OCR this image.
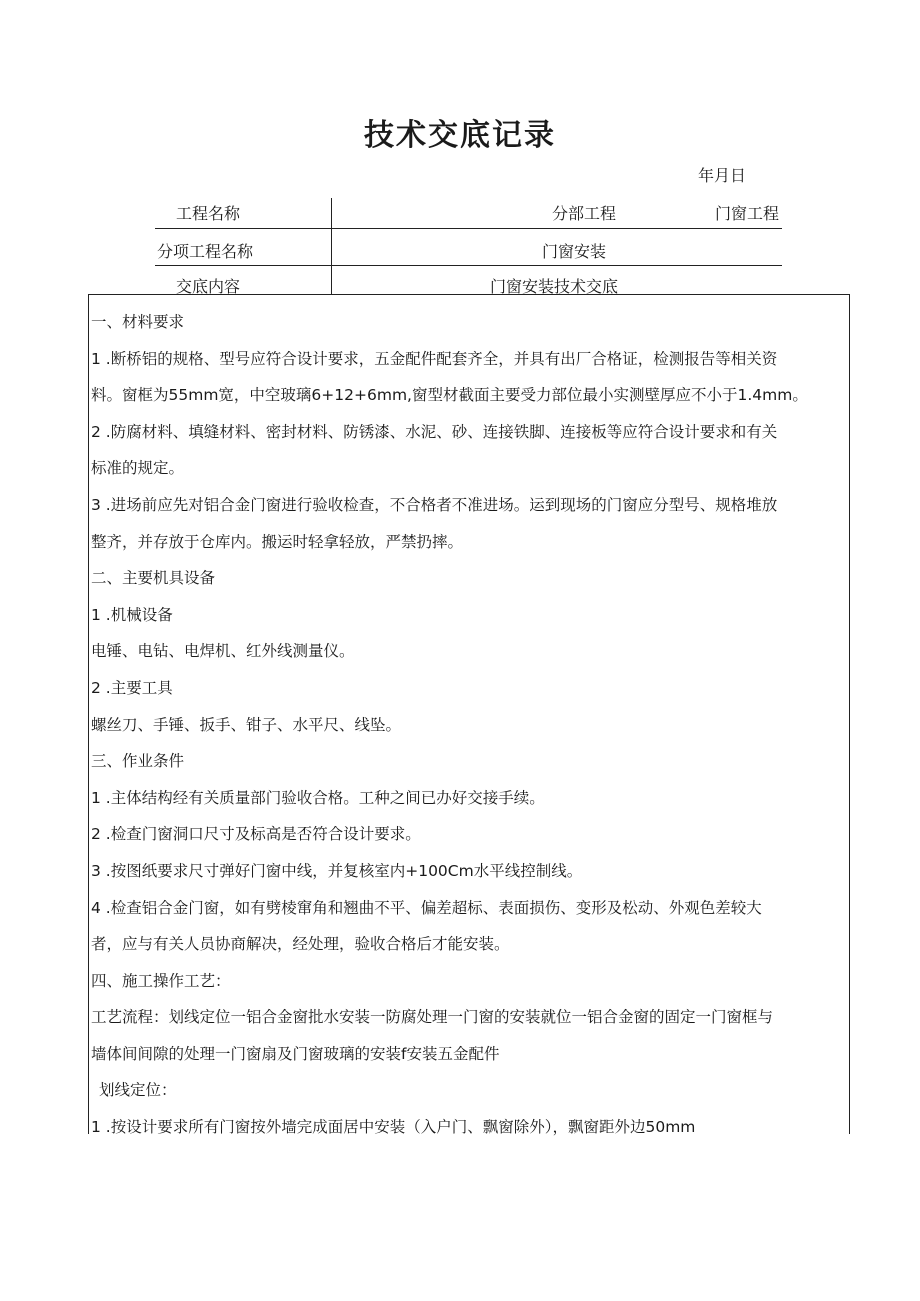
技术交底记录
年月日
工程名称	分部工程	门窗工程
分项工程名称	门窗安装
交底内容	门窗安装技术交底

一、材料要求

1 .断桥铝的规格、型号应符合设计要求，五金配件配套齐全，并具有出厂合格证，检测报告等相关资

料。窗框为55mm宽，中空玻璃6+12+6mm,窗型材截面主要受力部位最小实测壁厚应不小于1.4mm。

2 .防腐材料、填缝材料、密封材料、防锈漆、水泥、砂、连接铁脚、连接板等应符合设计要求和有关

标准的规定。

3 .进场前应先对铝合金门窗进行验收检查，不合格者不准进场。运到现场的门窗应分型号、规格堆放

整齐，并存放于仓库内。搬运时轻拿轻放，严禁扔摔。

二、主要机具设备

1 .机械设备

电锤、电钻、电焊机、红外线测量仪。

2 .主要工具

螺丝刀、手锤、扳手、钳子、水平尺、线坠。

三、作业条件

1 .主体结构经有关质量部门验收合格。工种之间已办好交接手续。

2 .检查门窗洞口尺寸及标高是否符合设计要求。

3 .按图纸要求尺寸弹好门窗中线，并复核室内+100Cm水平线控制线。

4 .检查铝合金门窗，如有劈棱窜角和翘曲不平、偏差超标、表面损伤、变形及松动、外观色差较大

者，应与有关人员协商解决，经处理，验收合格后才能安装。

四、施工操作工艺：

工艺流程：划线定位一铝合金窗批水安装一防腐处理一门窗的安装就位一铝合金窗的固定一门窗框与

墙体间间隙的处理一门窗扇及门窗玻璃的安装f安装五金配件

划线定位：

1 .按设计要求所有门窗按外墙完成面居中安装（入户门、飘窗除外），飘窗距外边50mm
